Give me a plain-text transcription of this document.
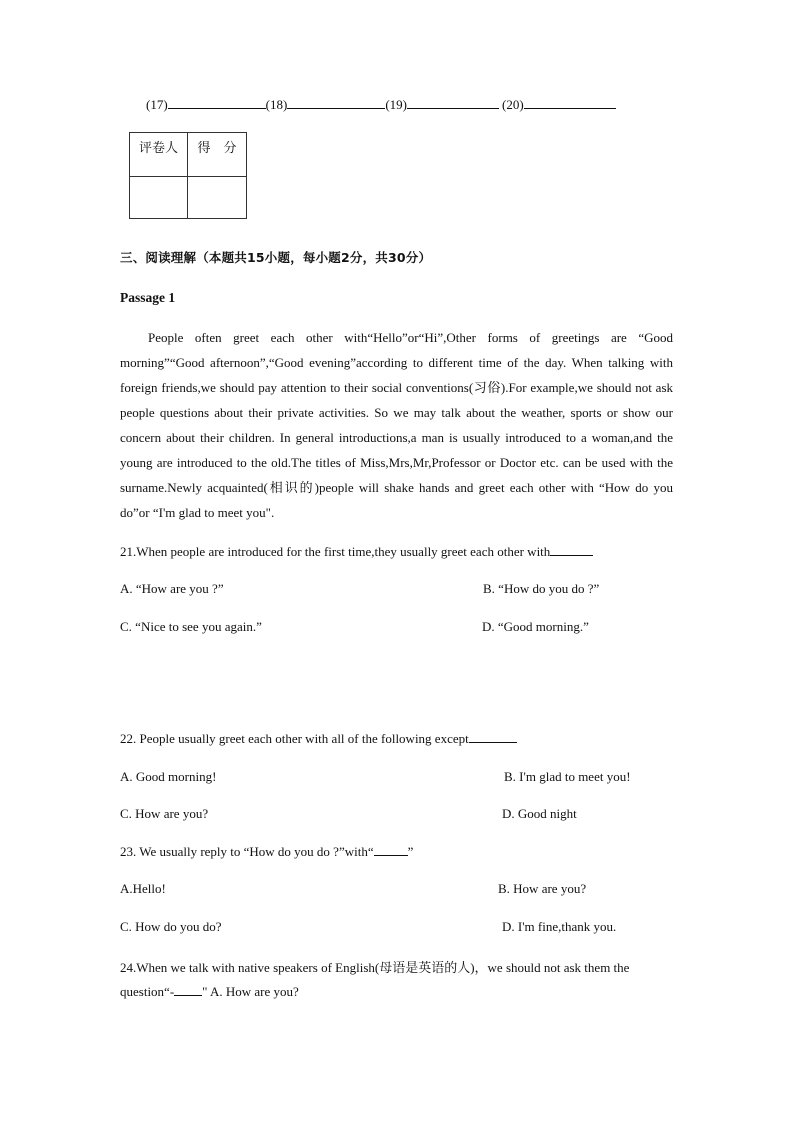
(17)	(18)	(19)	(20)
评卷人	得　分

三、阅读理解（本题共15小题，每小题2分，共30分）
Passage 1
People often greet each other with“Hello”or“Hi”,Other forms of greetings are “Good morning”“Good afternoon”,“Good evening”according to different time of the day. When talking with foreign friends,we should pay attention to their social conventions(习俗).For example,we should not ask people questions about their private activities. So we may talk about the weather, sports or show our concern about their children. In general introductions,a man is usually introduced to a woman,and the young are introduced to the old.The titles of Miss,Mrs,Mr,Professor or Doctor etc. can be used with the surname.Newly acquainted(相识的)people will shake hands and greet each other with “How do you do”or “I'm glad to meet you".
21.When people are introduced for the first time,they usually greet each other with
A. “How are you ?”	B. “How do you do ?”
C. “Nice to see you again.”	D. “Good morning.”
22. People usually greet each other with all of the following except
A. Good morning!	B. I'm glad to meet you!
C. How are you?	D. Good night
23. We usually reply to “How do you do ?”with“	”
A.Hello!	B. How are you?
C. How do you do?	D. I'm fine,thank you.
24.When we talk with native speakers of English(母语是英语的人)，we should not ask them the
question“- " A. How are you?
